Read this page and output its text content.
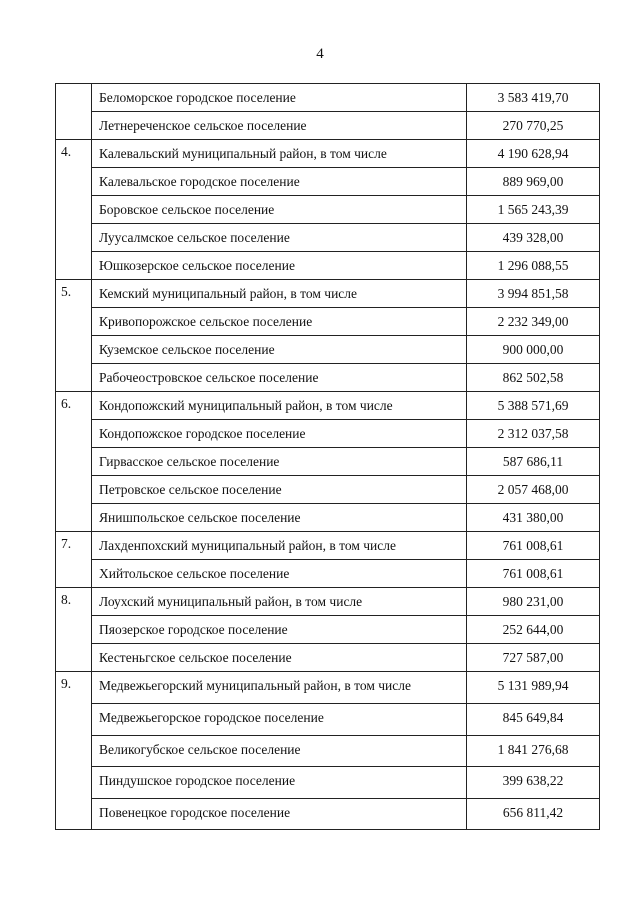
4

	Беломорское городское поселение	3 583 419,70

	Летнереченское сельское поселение	270 770,25

4.	Калевальский муниципальный район, в том числе	4 190 628,94

	Калевальское городское поселение	889 969,00

	Боровское сельское поселение	1 565 243,39

	Луусалмское сельское поселение	439 328,00

	Юшкозерское сельское поселение	1 296 088,55

5.	Кемский муниципальный район, в том числе	3 994 851,58

	Кривопорожское сельское поселение	2 232 349,00

	Куземское сельское поселение	900 000,00

	Рабочеостровское сельское поселение	862 502,58

6.	Кондопожский муниципальный район, в том числе	5 388 571,69

	Кондопожское городское поселение	2 312 037,58

	Гирвасское сельское поселение	587 686,11

	Петровское сельское поселение	2 057 468,00

	Янишпольское сельское поселение	431 380,00

7.	Лахденпохский муниципальный район, в том числе	761 008,61

	Хийтольское сельское поселение	761 008,61

8.	Лоухский муниципальный район, в том числе	980 231,00

	Пяозерское городское поселение	252 644,00

	Кестеньгское сельское поселение	727 587,00

9.	Медвежьегорский муниципальный район, в том числе	5 131 989,94

	Медвежьегорское городское поселение	845 649,84

	Великогубское сельское поселение	1 841 276,68

	Пиндушское городское поселение	399 638,22

	Повенецкое городское поселение	656 811,42
